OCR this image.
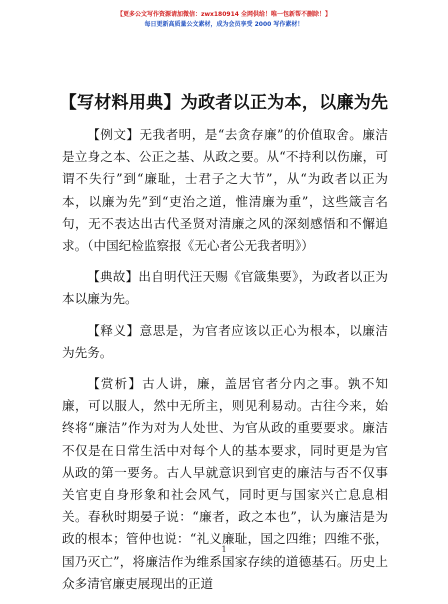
【更多公文写作资源请加微信：zwx180914 全网供给！唯一包新帮不删除！】
每日更新高质量公文素材，成为会员享受 2000 写作素材！
【写材料用典】为政者以正为本，以廉为先

【例文】无我者明，是“去贪存廉”的价值取舍。廉洁是立身之本、公正之基、从政之要。从“不持利以伤廉，可谓不失行”到“廉耻，士君子之大节”，从“为政者以正为本，以廉为先”到“吏治之道，惟清廉为重”，这些箴言名句，无不表达出古代圣贤对清廉之风的深刻感悟和不懈追求。（中国纪检监察报《无心者公无我者明》）

【典故】出自明代汪天赐《官箴集要》，为政者以正为本以廉为先。

【释义】意思是，为官者应该以正心为根本，以廉洁为先务。

【赏析】古人讲，廉，盖居官者分内之事。孰不知廉，可以服人，然中无所主，则见利易动。古往今来，始终将“廉洁”作为对为人处世、为官从政的重要要求。廉洁不仅是在日常生活中对每个人的基本要求，同时更是为官从政的第一要务。古人早就意识到官吏的廉洁与否不仅事关官吏自身形象和社会风气，同时更与国家兴亡息息相关。春秋时期晏子说：“廉者，政之本也”，认为廉洁是为政的根本；管仲也说：“礼义廉耻，国之四维；四维不张，国乃灭亡”，将廉洁作为维系国家存续的道德基石。历史上众多清官廉吏展现出的正道

1
